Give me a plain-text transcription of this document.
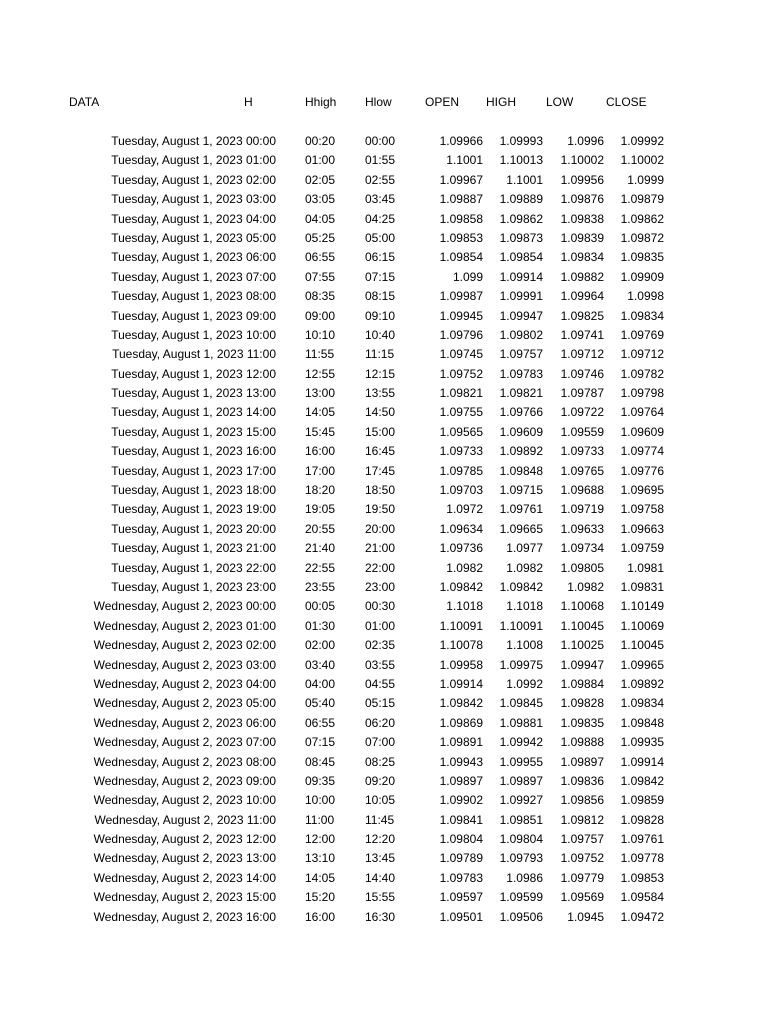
DATA	H	Hhigh Hlow	OPEN HIGH	LOW	CLOSE
Tuesday, August 1, 2023 00:00 00:20 00:00	1.09966 1.09993 1.0996 1.09992
Tuesday, August 1, 2023 01:00 01:00 01:55	1.1001 1.10013 1.10002 1.10002
Tuesday, August 1, 2023 02:00 02:05 02:55	1.09967 1.1001 1.09956 1.0999
Tuesday, August 1, 2023 03:00 03:05 03:45	1.09887 1.09889 1.09876 1.09879
Tuesday, August 1, 2023 04:00 04:05 04:25	1.09858 1.09862 1.09838 1.09862
Tuesday, August 1, 2023 05:00 05:25 05:00	1.09853 1.09873 1.09839 1.09872
Tuesday, August 1, 2023 06:00 06:55 06:15	1.09854 1.09854 1.09834 1.09835
Tuesday, August 1, 2023 07:00 07:55 07:15	1.099 1.09914 1.09882 1.09909
Tuesday, August 1, 2023 08:00 08:35 08:15	1.09987 1.09991 1.09964 1.0998
Tuesday, August 1, 2023 09:00 09:00 09:10	1.09945 1.09947 1.09825 1.09834
Tuesday, August 1, 2023 10:00 10:10 10:40	1.09796 1.09802 1.09741 1.09769
Tuesday, August 1, 2023 11:00 11:55	11:15	1.09745 1.09757 1.09712 1.09712
Tuesday, August 1, 2023 12:00 12:55 12:15	1.09752 1.09783 1.09746 1.09782
Tuesday, August 1, 2023 13:00 13:00 13:55	1.09821 1.09821 1.09787 1.09798
Tuesday, August 1, 2023 14:00 14:05 14:50	1.09755 1.09766 1.09722 1.09764
Tuesday, August 1, 2023 15:00 15:45 15:00	1.09565 1.09609 1.09559 1.09609
Tuesday, August 1, 2023 16:00 16:00 16:45	1.09733 1.09892 1.09733 1.09774
Tuesday, August 1, 2023 17:00 17:00 17:45	1.09785 1.09848 1.09765 1.09776
Tuesday, August 1, 2023 18:00 18:20 18:50	1.09703 1.09715 1.09688 1.09695
Tuesday, August 1, 2023 19:00 19:05 19:50	1.0972 1.09761 1.09719 1.09758
Tuesday, August 1, 2023 20:00 20:55 20:00	1.09634 1.09665 1.09633 1.09663
Tuesday, August 1, 2023 21:00 21:40 21:00	1.09736 1.0977 1.09734 1.09759
Tuesday, August 1, 2023 22:00 22:55 22:00	1.0982 1.0982 1.09805 1.0981
Tuesday, August 1, 2023 23:00 23:55 23:00	1.09842 1.09842 1.0982 1.09831
Wednesday, August 2, 2023 00:00 00:05 00:30	1.1018 1.1018 1.10068 1.10149
Wednesday, August 2, 2023 01:00 01:30 01:00	1.10091 1.10091 1.10045 1.10069
Wednesday, August 2, 2023 02:00 02:00 02:35	1.10078 1.1008 1.10025 1.10045
Wednesday, August 2, 2023 03:00 03:40 03:55	1.09958 1.09975 1.09947 1.09965
Wednesday, August 2, 2023 04:00 04:00 04:55	1.09914 1.0992 1.09884 1.09892
Wednesday, August 2, 2023 05:00 05:40 05:15	1.09842 1.09845 1.09828 1.09834
Wednesday, August 2, 2023 06:00 06:55 06:20	1.09869 1.09881 1.09835 1.09848
Wednesday, August 2, 2023 07:00 07:15 07:00	1.09891 1.09942 1.09888 1.09935
Wednesday, August 2, 2023 08:00 08:45 08:25	1.09943 1.09955 1.09897 1.09914
Wednesday, August 2, 2023 09:00 09:35 09:20	1.09897 1.09897 1.09836 1.09842
Wednesday, August 2, 2023 10:00 10:00 10:05	1.09902 1.09927 1.09856 1.09859
Wednesday, August 2, 2023 11:00 11:00	11:45	1.09841 1.09851 1.09812 1.09828
Wednesday, August 2, 2023 12:00 12:00 12:20	1.09804 1.09804 1.09757 1.09761
Wednesday, August 2, 2023 13:00 13:10 13:45	1.09789 1.09793 1.09752 1.09778
Wednesday, August 2, 2023 14:00 14:05 14:40	1.09783 1.0986 1.09779 1.09853
Wednesday, August 2, 2023 15:00 15:20 15:55	1.09597 1.09599 1.09569 1.09584
Wednesday, August 2, 2023 16:00 16:00 16:30	1.09501 1.09506 1.0945 1.09472
